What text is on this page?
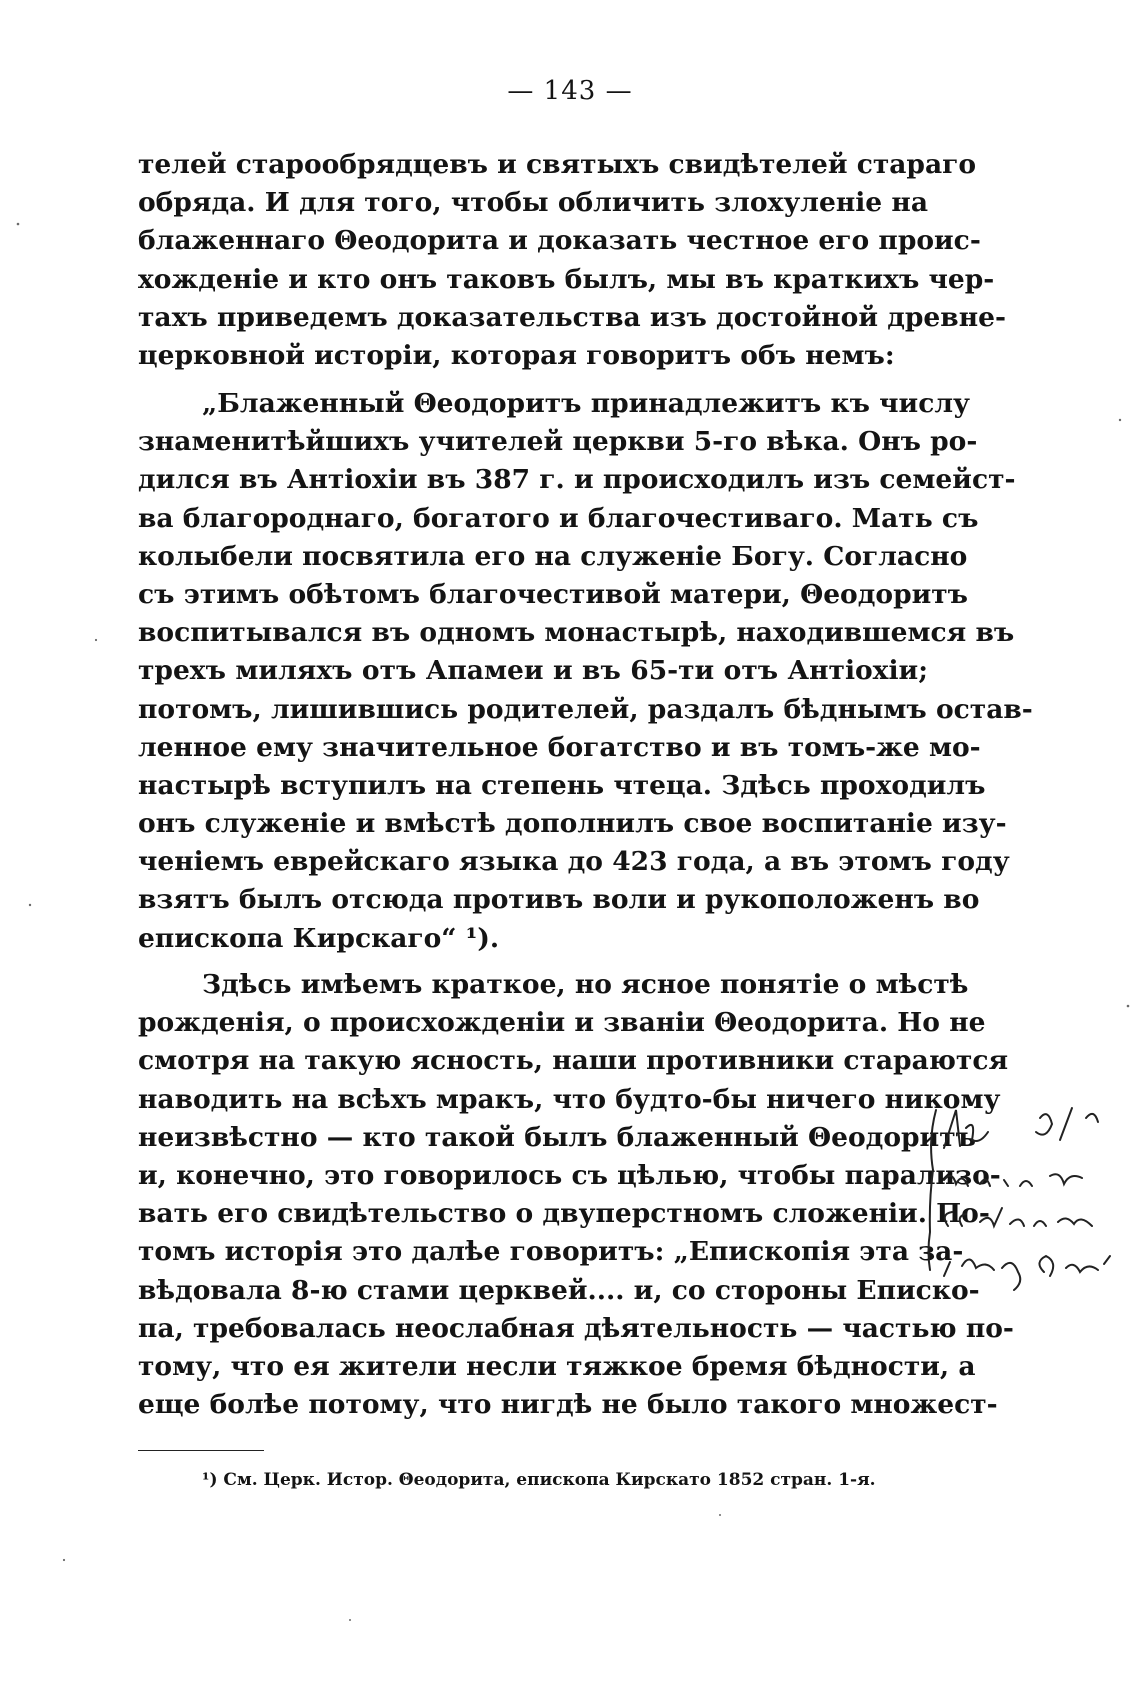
— 143 —
телей старообрядцевъ и святыхъ свидѣтелей стараго
обряда. И для того, чтобы обличить злохуленіе на
блаженнаго Θеодорита и доказать честное его проис-
хожденіе и кто онъ таковъ былъ, мы въ краткихъ чер-
тахъ приведемъ доказательства изъ достойной древне-
церковной исторіи, которая говоритъ объ немъ:
„Блаженный Θеодоритъ принадлежитъ къ числу
знаменитѣйшихъ учителей церкви 5-го вѣка. Онъ ро-
дился въ Антіохіи въ 387 г. и происходилъ изъ семейст-
ва благороднаго, богатого и благочестиваго. Мать съ
колыбели посвятила его на служеніе Богу. Согласно
съ этимъ обѣтомъ благочестивой матери, Θеодоритъ
воспитывался въ одномъ монастырѣ, находившемся въ
трехъ миляхъ отъ Апамеи и въ 65-ти отъ Антіохіи;
потомъ, лишившись родителей, раздалъ бѣднымъ остав-
ленное ему значительное богатство и въ томъ-же мо-
настырѣ вступилъ на степень чтеца. Здѣсь проходилъ
онъ служеніе и вмѣстѣ дополнилъ свое воспитаніе изу-
ченіемъ еврейскаго языка до 423 года, а въ этомъ году
взятъ былъ отсюда противъ воли и рукоположенъ во
епископа Кирскаго“ ¹).
Здѣсь имѣемъ краткое, но ясное понятіе о мѣстѣ
рожденія, о происхожденіи и званіи Θеодорита. Но не
смотря на такую ясность, наши противники стараются
наводить на всѣхъ мракъ, что будто-бы ничего никому
неизвѣстно — кто такой былъ блаженный Θеодоритъ
и, конечно, это говорилось съ цѣлью, чтобы парализо-
вать его свидѣтельство о двуперстномъ сложеніи. По-
томъ исторія это далѣе говоритъ: „Епископія эта за-
вѣдовала 8-ю стами церквей.... и, со стороны Еписко-
па, требовалась неослабная дѣятельность — частью по-
тому, что ея жители несли тяжкое бремя бѣдности, а
еще болѣе потому, что нигдѣ не было такого множест-
¹) См. Церк. Истор. Θеодорита, епископа Кирскато 1852 стран. 1-я.
